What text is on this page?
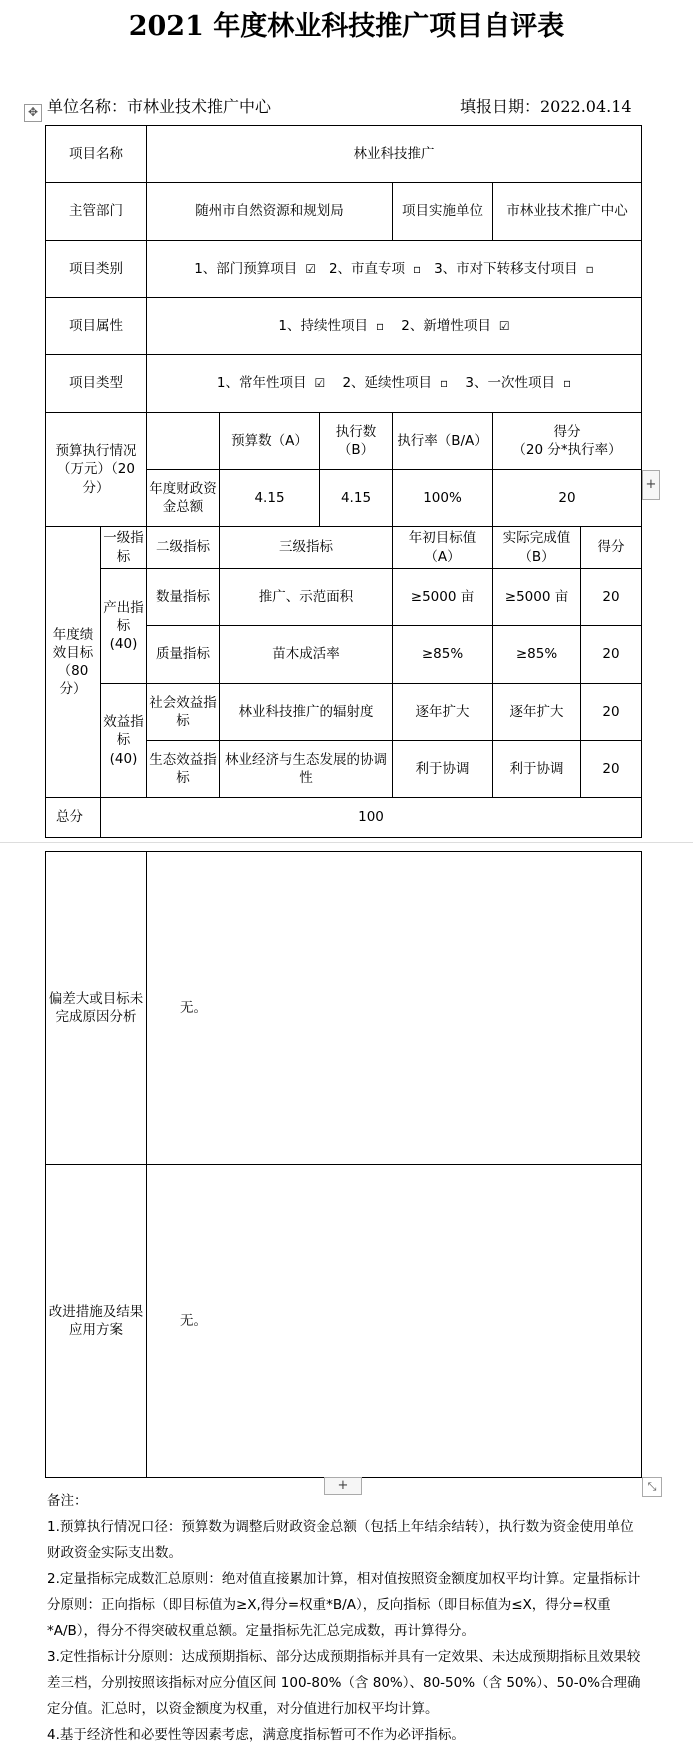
2021 年度林业科技推广项目自评表
单位名称：市林业技术推广中心	填报日期：2022.04.14
✥
项目名称		林业科技推广					
主管部门		随州市自然资源和规划局			项目实施单位	市林业技术推广中心	
项目类别		1、部门预算项目 ☑ 2、市直专项 ▫ 3、市对下转移支付项目 ▫					
项目属性		1、持续性项目 ▫ 2、新增性项目 ☑					
项目类型		1、常年性项目 ☑ 2、延续性项目 ▫ 3、一次性项目 ▫					
预算执行情况（万元）（20 分）			预算数（A）	执行数（B）	执行率（B/A）	得分
（20 分*执行率）	

		年度财政资金总额	4.15	4.15	100%	20	
年度绩效目标（80分）	一级指标	二级指标	三级指标		年初目标值（A）	实际完成值（B）	得分
	产出指标(40)	数量指标	推广、示范面积		≥5000 亩	≥5000 亩	20
		质量指标	苗木成活率		≥85%	≥85%	20
	效益指标(40)	社会效益指标	林业科技推广的辐射度		逐年扩大	逐年扩大	20
		生态效益指标	林业经济与生态发展的协调性		利于协调	利于协调	20
总分	100						
+
偏差大或目标未完成原因分析	无。
改进措施及结果应用方案	无。
+	⤡

备注：

1.预算执行情况口径：预算数为调整后财政资金总额（包括上年结余结转），执行数为资金使用单位财政资金实际支出数。

2.定量指标完成数汇总原则：绝对值直接累加计算，相对值按照资金额度加权平均计算。定量指标计分原则：正向指标（即目标值为≥X,得分=权重*B/A），反向指标（即目标值为≤X，得分=权重*A/B），得分不得突破权重总额。定量指标先汇总完成数，再计算得分。

3.定性指标计分原则：达成预期指标、部分达成预期指标并具有一定效果、未达成预期指标且效果较差三档，分别按照该指标对应分值区间 100-80%（含 80%）、80-50%（含 50%）、50-0%合理确定分值。汇总时，以资金额度为权重，对分值进行加权平均计算。

4.基于经济性和必要性等因素考虑，满意度指标暂可不作为必评指标。
